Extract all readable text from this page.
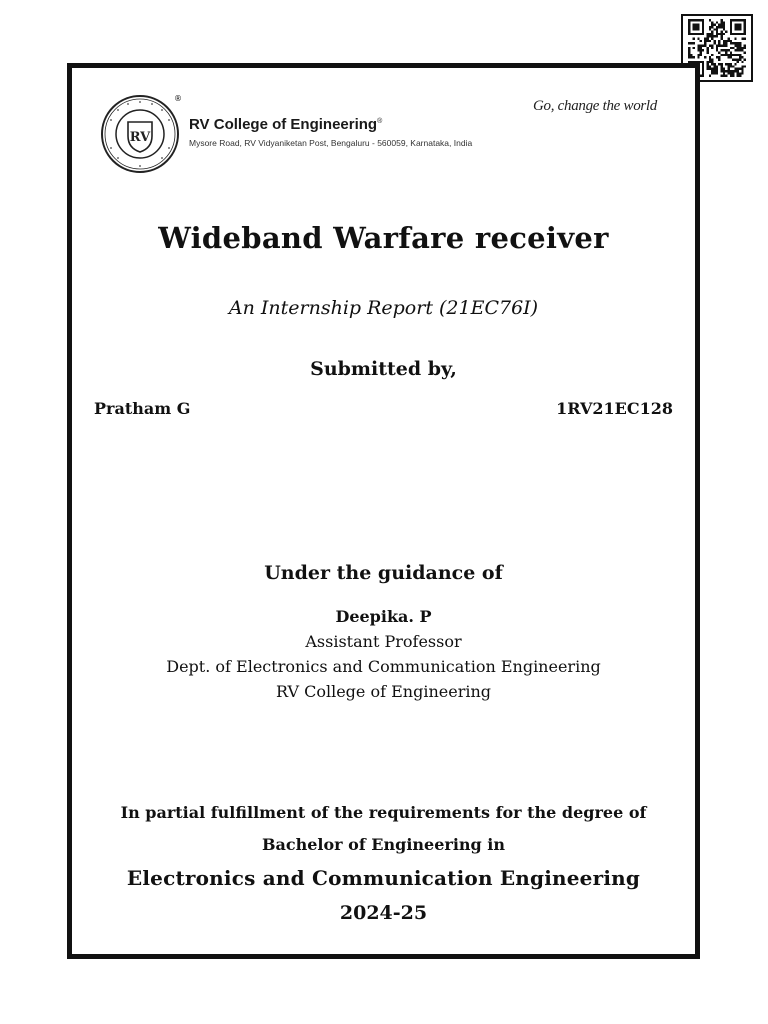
RV
®
RV College of Engineering®
Mysore Road, RV Vidyaniketan Post, Bengaluru - 560059, Karnataka, India
Go, change the world
Wideband Warfare receiver
An Internship Report (21EC76I)
Submitted by,
Pratham G	1RV21EC128
Under the guidance of
Deepika. P
Assistant Professor
Dept. of Electronics and Communication Engineering
RV College of Engineering
In partial fulfillment of the requirements for the degree of
Bachelor of Engineering in
Electronics and Communication Engineering
2024-25
